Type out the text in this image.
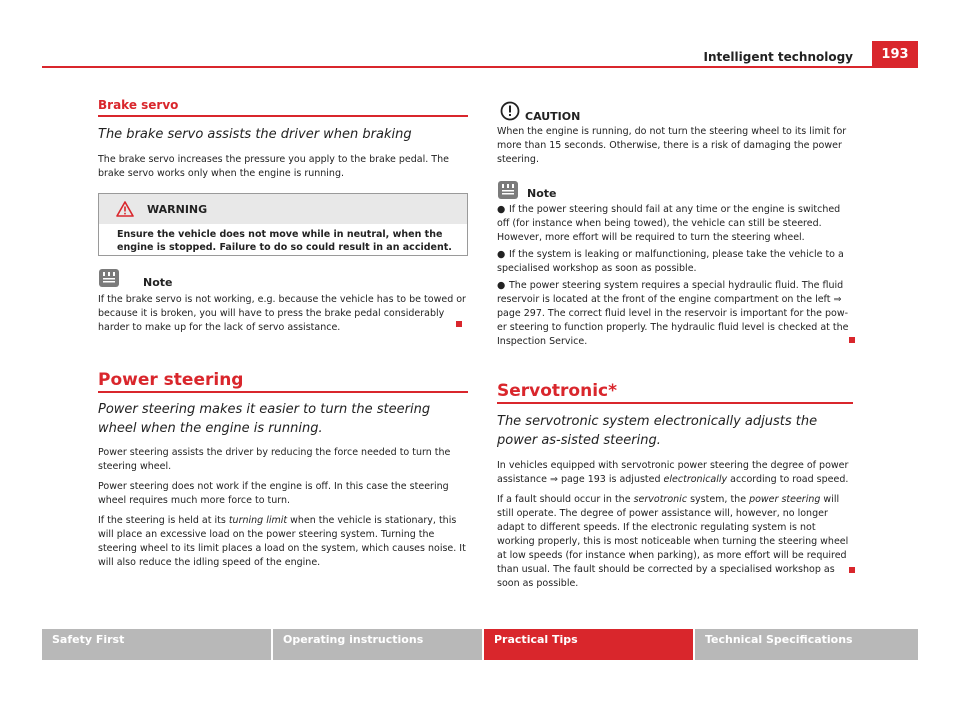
Intelligent technology	193
Brake servo
The brake servo assists the driver when braking

The brake servo increases the pressure you apply to the brake pedal. The brake servo works only when the engine is running.

WARNING
Ensure the vehicle does not move while in neutral, when the engine is stopped. Failure to do so could result in an accident.
Note

If the brake servo is not working, e.g. because the vehicle has to be towed or because it is broken, you will have to press the brake pedal considerably harder to make up for the lack of servo assistance.

Power steering
Power steering makes it easier to turn the steering wheel when the engine is running.

Power steering assists the driver by reducing the force needed to turn the steering wheel.

Power steering does not work if the engine is off. In this case the steering wheel requires much more force to turn.

If the steering is held at its turning limit when the vehicle is stationary, this will place an excessive load on the power steering system. Turning the steering wheel to its limit places a load on the system, which causes noise. It will also reduce the idling speed of the engine.

CAUTION

When the engine is running, do not turn the steering wheel to its limit for more than 15 seconds. Otherwise, there is a risk of damaging the power steering.

Note

● If the power steering should fail at any time or the engine is switched off (for instance when being towed), the vehicle can still be steered. However, more effort will be required to turn the steering wheel.

● If the system is leaking or malfunctioning, please take the vehicle to a specialised workshop as soon as possible.

● The power steering system requires a special hydraulic fluid. The fluid reservoir is located at the front of the engine compartment on the left ⇒ page 297. The correct fluid level in the reservoir is important for the pow-er steering to function properly. The hydraulic fluid level is checked at the Inspection Service.

Servotronic*
The servotronic system electronically adjusts the power as-sisted steering.

In vehicles equipped with servotronic power steering the degree of power assistance ⇒ page 193 is adjusted electronically according to road speed.

If a fault should occur in the servotronic system, the power steering will still operate. The degree of power assistance will, however, no longer adapt to different speeds. If the electronic regulating system is not working properly, this is most noticeable when turning the steering wheel at low speeds (for instance when parking), as more effort will be required than usual. The fault should be corrected by a specialised workshop as soon as possible.

Safety First	Operating instructions	Practical Tips	Technical Specifications
